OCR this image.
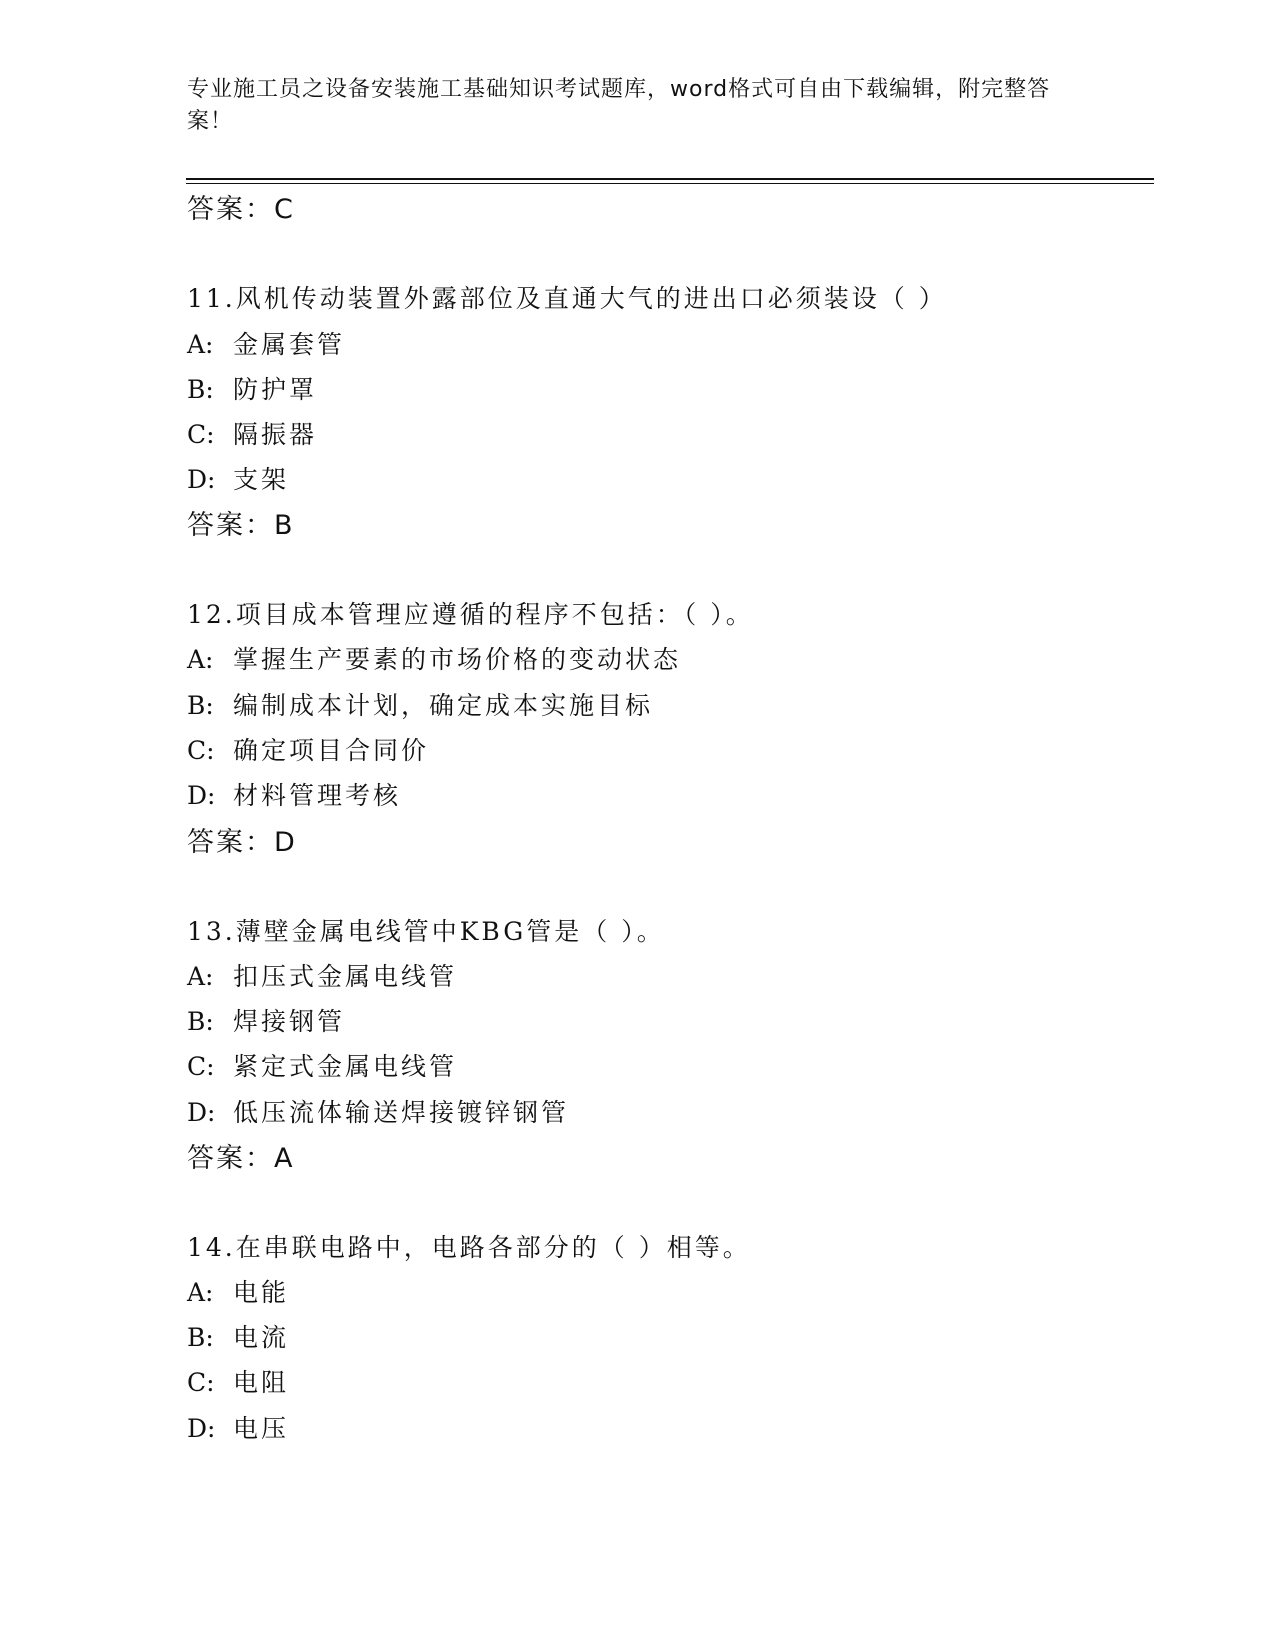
专业施工员之设备安装施工基础知识考试题库，word格式可自由下载编辑，附完整答案！
答案：C
11.风机传动装置外露部位及直通大气的进出口必须装设（ ）
A: 金属套管
B: 防护罩
C: 隔振器
D: 支架
答案：B
12.项目成本管理应遵循的程序不包括：（ ）。
A: 掌握生产要素的市场价格的变动状态
B: 编制成本计划，确定成本实施目标
C: 确定项目合同价
D: 材料管理考核
答案：D
13.薄壁金属电线管中KBG管是（ ）。
A: 扣压式金属电线管
B: 焊接钢管
C: 紧定式金属电线管
D: 低压流体输送焊接镀锌钢管
答案：A
14.在串联电路中，电路各部分的（ ）相等。
A: 电能
B: 电流
C: 电阻
D: 电压
